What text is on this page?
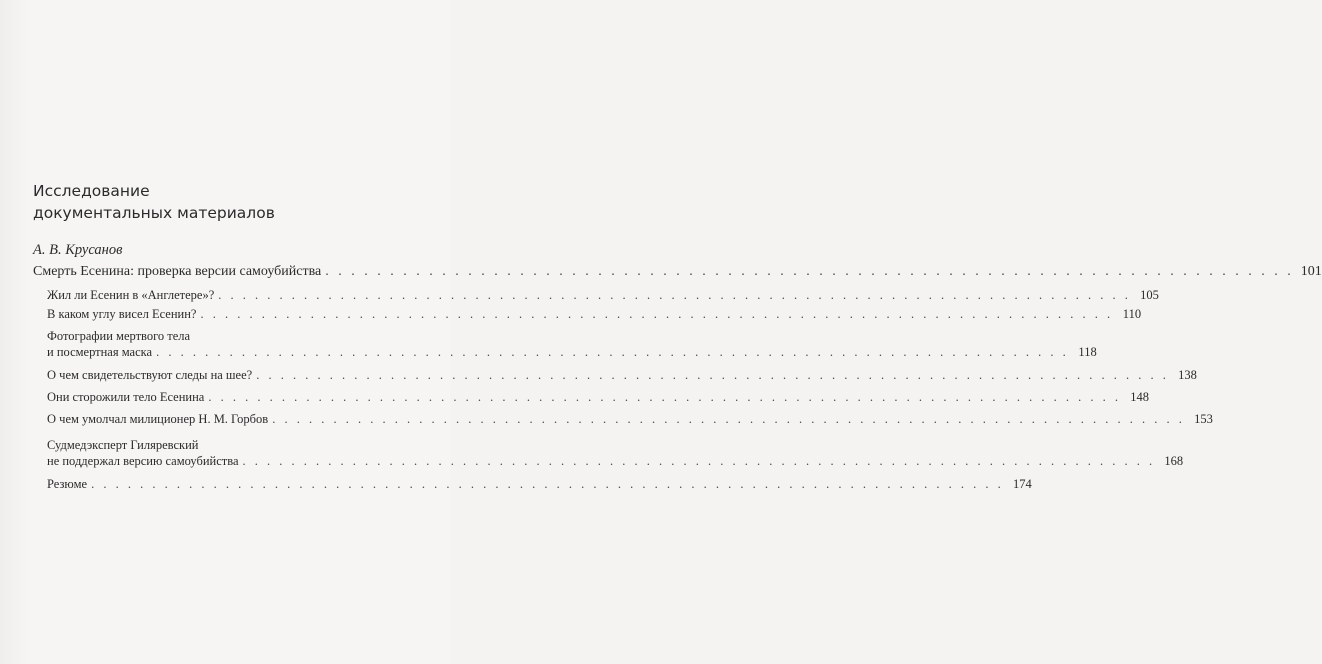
Исследование
документальных материалов
А. В. Крусанов
Смерть Есенина: проверка версии самоубийства . . . . . . . . . . . . . . . . . . . . . . . . . . . . . . . . . . . . . . . . . . . . . . . . . . . . . . . . . . . . . . . . . . . . . . . . . . . 101
Жил ли Есенин в «Англетере»? . . . . . . . . . . . . . . . . . . . . . . . . . . . . . . . . . . . . . . . . . . . . . . . . . . . . . . . . . . . . . . . . . . . . . . . . . . . 105
В каком углу висел Есенин? . . . . . . . . . . . . . . . . . . . . . . . . . . . . . . . . . . . . . . . . . . . . . . . . . . . . . . . . . . . . . . . . . . . . . . . . . . . 110
Фотографии мертвого тела
и посмертная маска . . . . . . . . . . . . . . . . . . . . . . . . . . . . . . . . . . . . . . . . . . . . . . . . . . . . . . . . . . . . . . . . . . . . . . . . . . . 118
О чем свидетельствуют следы на шее? . . . . . . . . . . . . . . . . . . . . . . . . . . . . . . . . . . . . . . . . . . . . . . . . . . . . . . . . . . . . . . . . . . . . . . . . . . . 138
Они сторожили тело Есенина . . . . . . . . . . . . . . . . . . . . . . . . . . . . . . . . . . . . . . . . . . . . . . . . . . . . . . . . . . . . . . . . . . . . . . . . . . . 148
О чем умолчал милиционер Н. М. Горбов . . . . . . . . . . . . . . . . . . . . . . . . . . . . . . . . . . . . . . . . . . . . . . . . . . . . . . . . . . . . . . . . . . . . . . . . . . . 153
Судмедэксперт Гиляревский
не поддержал версию самоубийства . . . . . . . . . . . . . . . . . . . . . . . . . . . . . . . . . . . . . . . . . . . . . . . . . . . . . . . . . . . . . . . . . . . . . . . . . . . 168
Резюме . . . . . . . . . . . . . . . . . . . . . . . . . . . . . . . . . . . . . . . . . . . . . . . . . . . . . . . . . . . . . . . . . . . . . . . . . . . 174
